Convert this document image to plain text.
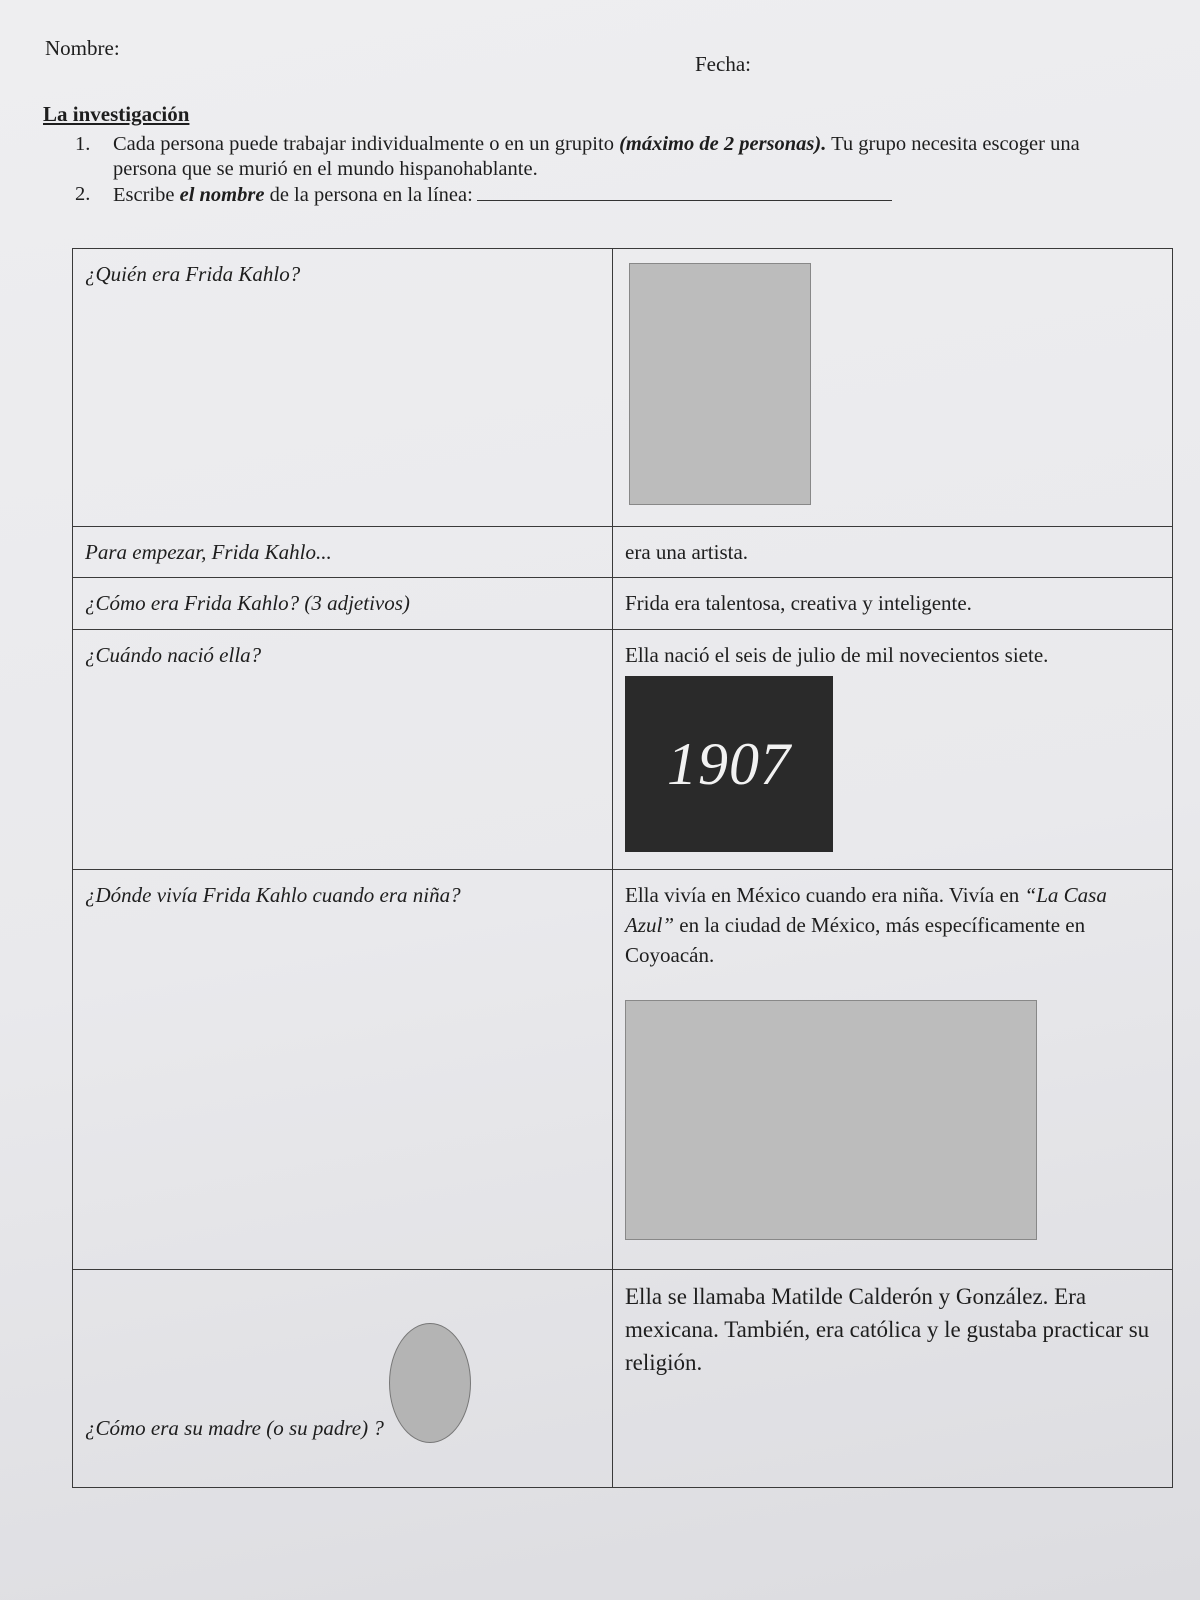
Nombre:
Fecha:
La investigación
1.	Cada persona puede trabajar individualmente o en un grupito (máximo de 2 personas). Tu grupo necesita escoger una persona que se murió en el mundo hispanohablante.
2.	Escribe el nombre de la persona en la línea:
¿Quién era Frida Kahlo?	

Para empezar, Frida Kahlo...	era una artista.
¿Cómo era Frida Kahlo? (3 adjetivos)	Frida era talentosa, creativa y inteligente.
¿Cuándo nació ella?	Ella nació el seis de julio de mil novecientos siete.
1907

¿Dónde vivía Frida Kahlo cuando era niña?	Ella vivía en México cuando era niña. Vivía en “La Casa Azul” en la ciudad de México, más específicamente en Coyoacán.

¿Cómo era su madre (o su padre) ?	Ella se llamaba Matilde Calderón y González. Era mexicana. También, era católica y le gustaba practicar su religión.
